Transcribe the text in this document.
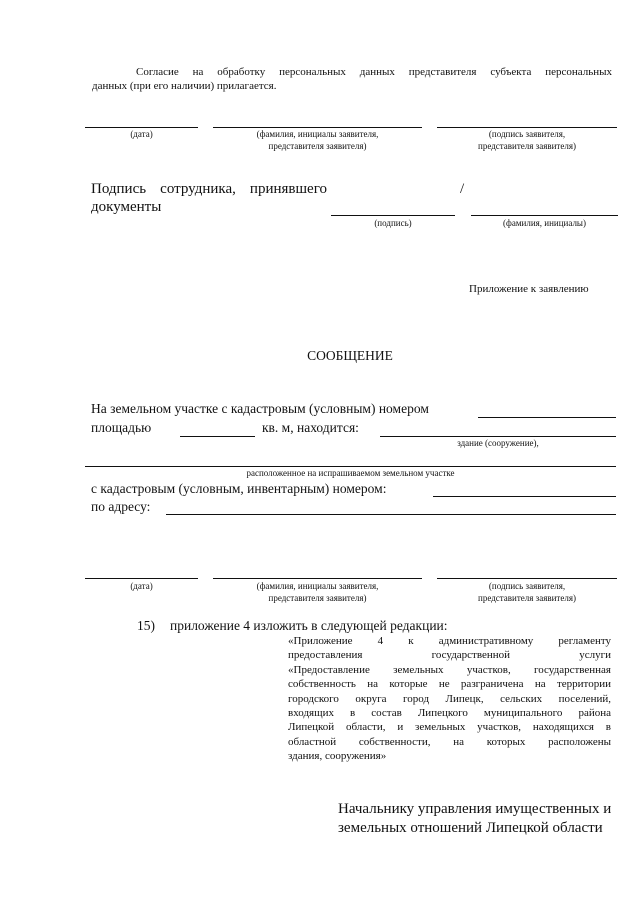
Согласие на обработку персональных данных представителя субъекта персональных
данных (при его наличии) прилагается.
(дата)	(фамилия, инициалы заявителя,
представителя заявителя)
(подпись заявителя,
представителя заявителя)
Подпись сотрудника, принявшего
документы
/
(подпись)	(фамилия, инициалы)
Приложение к заявлению
СООБЩЕНИЕ
На земельном участке с кадастровым (условным) номером
площадью	кв. м, находится:
здание (сооружение),
расположенное на испрашиваемом земельном участке
с кадастровым (условным, инвентарным) номером:
по адресу:
(дата)	(фамилия, инициалы заявителя,
представителя заявителя)
(подпись заявителя,
представителя заявителя)
15) приложение 4 изложить в следующей редакции:
«Приложение 4 к административному регламенту
предоставления государственной услуги
«Предоставление земельных участков, государственная
собственность на которые не разграничена на территории
городского округа город Липецк, сельских поселений,
входящих в состав Липецкого муниципального района
Липецкой области, и земельных участков, находящихся в
областной собственности, на которых расположены
здания, сооружения»
Начальнику управления имущественных и
земельных отношений Липецкой области
